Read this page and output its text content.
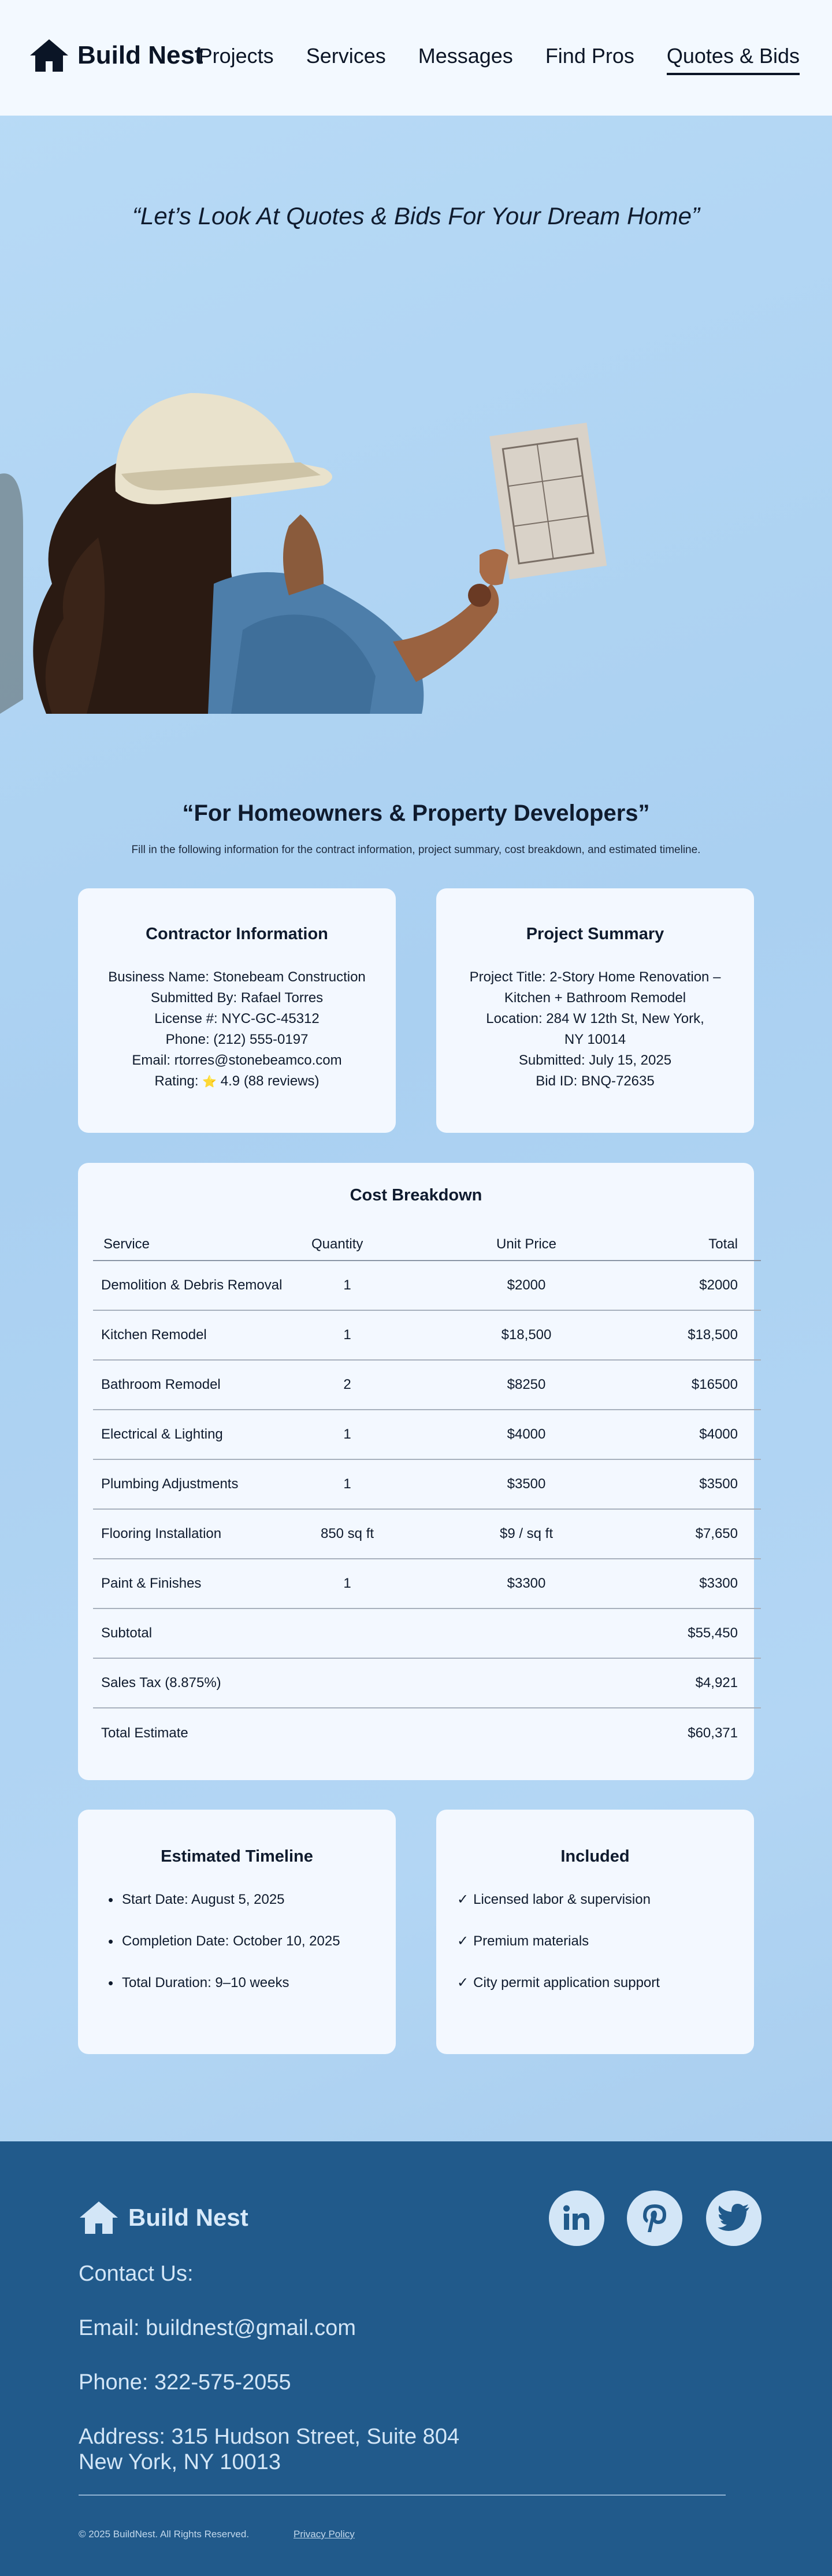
Build Nest
Projects Services Messages Find Pros Quotes & Bids
“Let’s Look At Quotes & Bids For Your Dream Home”
“For Homeowners & Property Developers”
Fill in the following information for the contract information, project summary, cost breakdown, and estimated timeline.
Contractor Information
Business Name: Stonebeam Construction
Submitted By: Rafael Torres
License #: NYC-GC-45312
Phone: (212) 555-0197
Email: rtorres@stonebeamco.com
Rating: ⭐ 4.9 (88 reviews)
Project Summary
Project Title: 2-Story Home Renovation –
Kitchen + Bathroom Remodel
Location: 284 W 12th St, New York,
NY 10014
Submitted: July 15, 2025
Bid ID: BNQ-72635
Cost Breakdown
Service	Quantity	Unit Price	Total
Demolition & Debris Removal	1	$2000	$2000
Kitchen Remodel	1	$18,500	$18,500
Bathroom Remodel	2	$8250	$16500
Electrical & Lighting	1	$4000	$4000
Plumbing Adjustments	1	$3500	$3500
Flooring Installation	850 sq ft	$9 / sq ft	$7,650
Paint & Finishes	1	$3300	$3300
Subtotal			$55,450
Sales Tax (8.875%)			$4,921
Total Estimate			$60,371
Estimated Timeline
• Start Date: August 5, 2025
• Completion Date: October 10, 2025
• Total Duration: 9–10 weeks
Included
✓ Licensed labor & supervision
✓ Premium materials
✓ City permit application support
Build Nest
Contact Us:
Email: buildnest@gmail.com
Phone: 322-575-2055
Address: 315 Hudson Street, Suite 804
New York, NY 10013
© 2025 BuildNest. All Rights Reserved.	Privacy Policy
